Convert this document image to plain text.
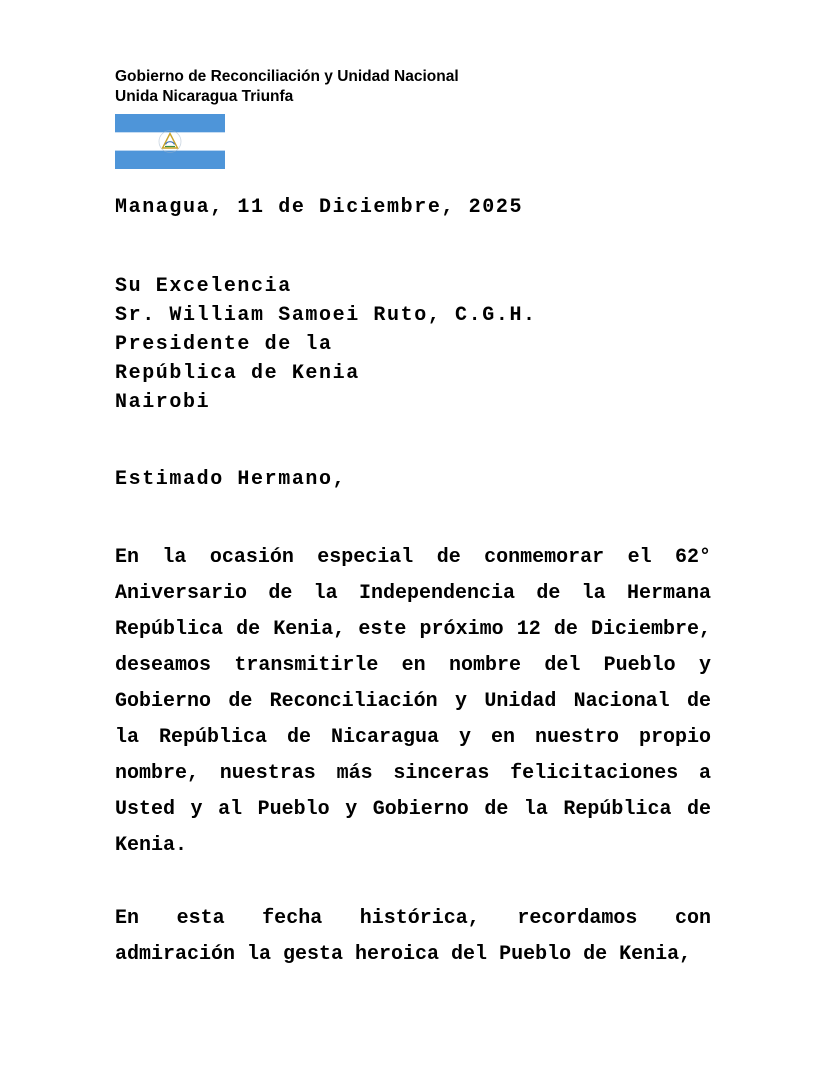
Gobierno de Reconciliación y Unidad Nacional
Unida Nicaragua Triunfa
Managua, 11 de Diciembre, 2025
Su Excelencia
Sr. William Samoei Ruto, C.G.H.
Presidente de la
República de Kenia
Nairobi
Estimado Hermano,

En la ocasión especial de conmemorar el 62° Aniversario de la Independencia de la Hermana República de Kenia, este próximo 12 de Diciembre, deseamos transmitirle en nombre del Pueblo y Gobierno de Reconciliación y Unidad Nacional de la República de Nicaragua y en nuestro propio nombre, nuestras más sinceras felicitaciones a Usted y al Pueblo y Gobierno de la República de Kenia.

En esta fecha histórica, recordamos con admiración la gesta heroica del Pueblo de Kenia,
